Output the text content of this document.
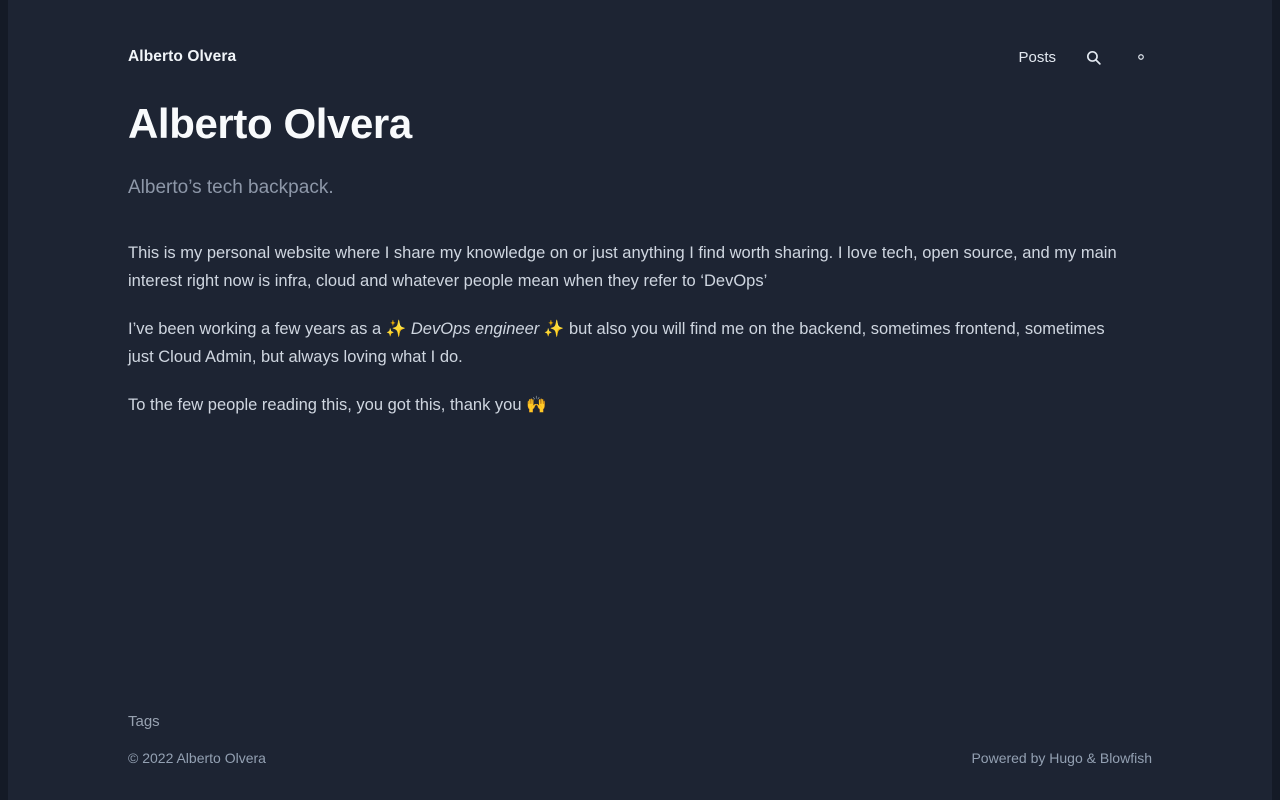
Alberto Olvera	Posts
Alberto Olvera

Alberto’s tech backpack.

This is my personal website where I share my knowledge on or just anything I find worth sharing. I love tech, open source, and my main interest right now is infra, cloud and whatever people mean when they refer to ‘DevOps’

I’ve been working a few years as a ✨ DevOps engineer ✨ but also you will find me on the backend, sometimes frontend, sometimes just Cloud Admin, but always loving what I do.

To the few people reading this, you got this, thank you 🙌

Tags
© 2022 Alberto Olvera	Powered by Hugo & Blowfish
